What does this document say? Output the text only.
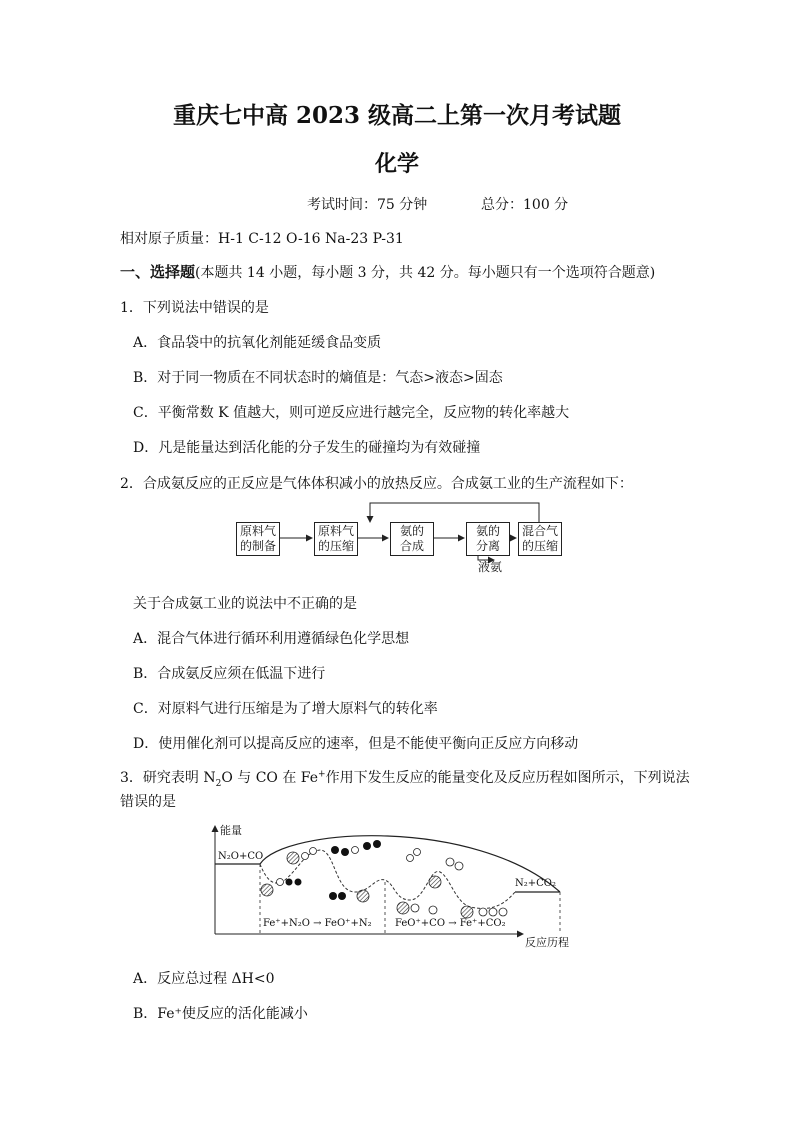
重庆七中高 2023 级高二上第一次月考试题
化学
考试时间：75 分钟	总分：100 分
相对原子质量：H-1 C-12 O-16 Na-23 P-31
一、选择题(本题共 14 小题，每小题 3 分，共 42 分。每小题只有一个选项符合题意)
1．下列说法中错误的是
A．食品袋中的抗氧化剂能延缓食品变质
B．对于同一物质在不同状态时的熵值是：气态>液态>固态
C．平衡常数 K 值越大，则可逆反应进行越完全，反应物的转化率越大
D．凡是能量达到活化能的分子发生的碰撞均为有效碰撞
2．合成氨反应的正反应是气体体积减小的放热反应。合成氨工业的生产流程如下：
原料气
的制备
原料气
的压缩
氨的
合成
氨的
分离
混合气
的压缩
液氨
关于合成氨工业的说法中不正确的是
A．混合气体进行循环利用遵循绿色化学思想
B．合成氨反应须在低温下进行
C．对原料气进行压缩是为了增大原料气的转化率
D．使用催化剂可以提高反应的速率，但是不能使平衡向正反应方向移动
3．研究表明 $N_2O$ 与 CO 在 Fe+作用下发生反应的能量变化及反应历程如图所示，下列说法
错误的是
能量
N₂O+CO
N₂+CO₂
Fe⁺+N₂O → FeO⁺+N₂ FeO⁺+CO → Fe⁺+CO₂
反应历程
A．反应总过程 ΔH<0
B．Fe⁺使反应的活化能减小
